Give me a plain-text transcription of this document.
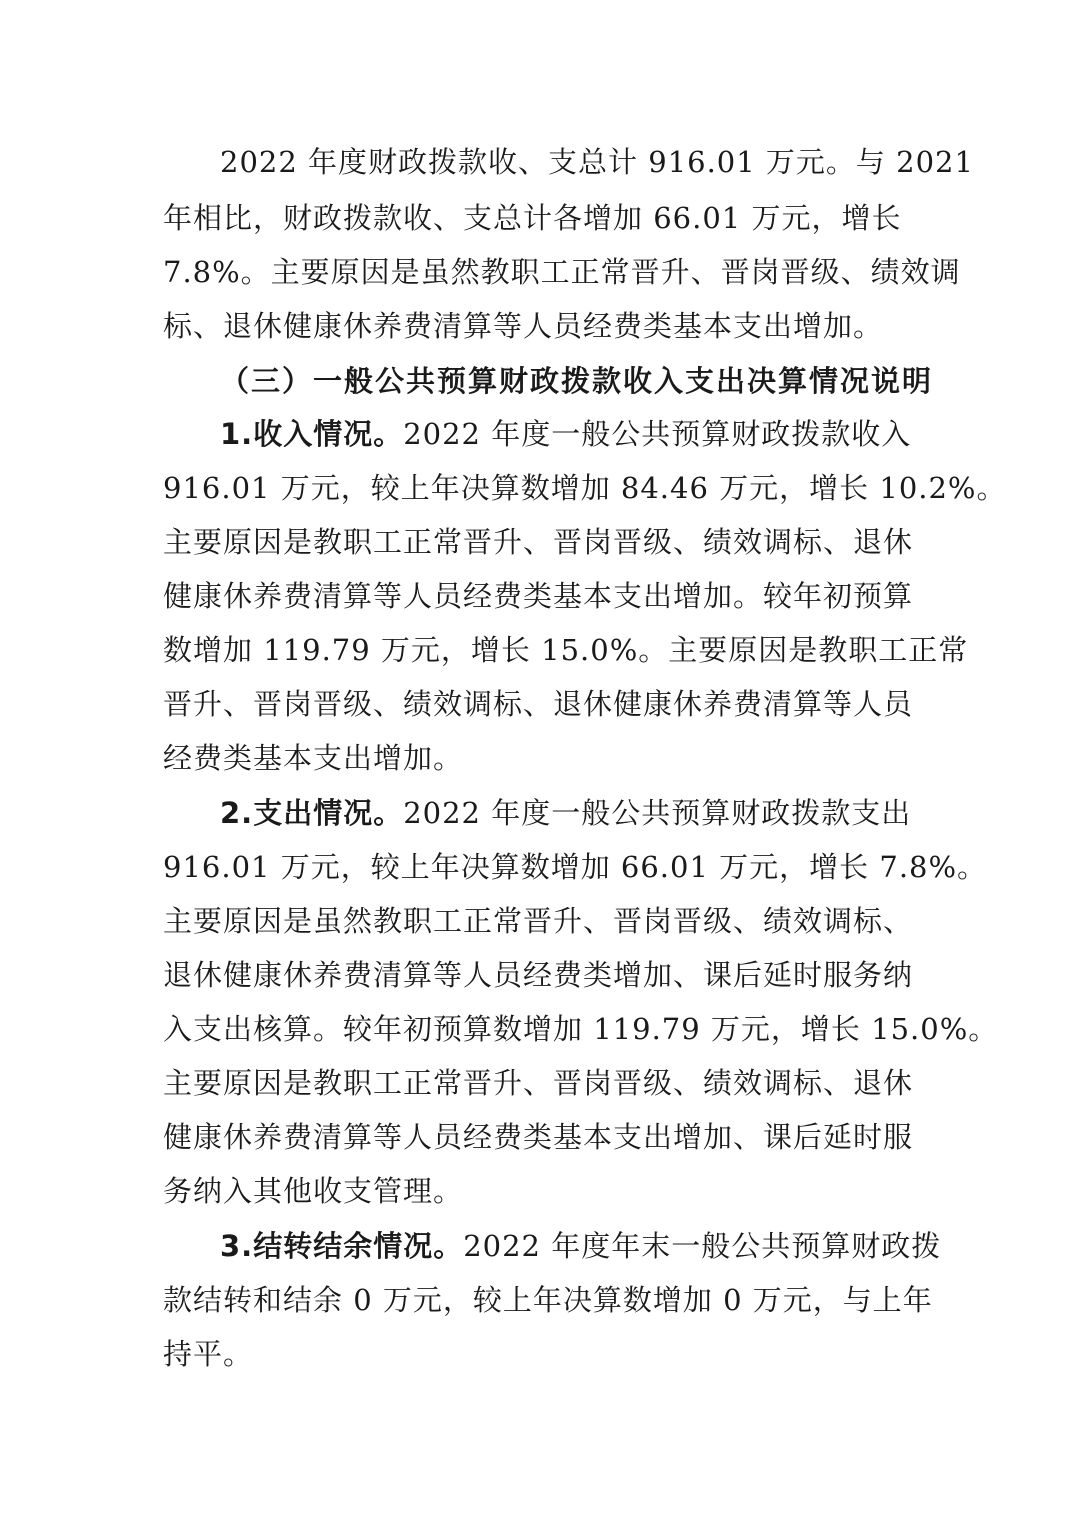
2022 年度财政拨款收、支总计 916.01 万元。与 2021

年相比，财政拨款收、支总计各增加 66.01 万元，增长

7.8%。主要原因是虽然教职工正常晋升、晋岗晋级、绩效调

标、退休健康休养费清算等人员经费类基本支出增加。

（三）一般公共预算财政拨款收入支出决算情况说明

1.收入情况。2022 年度一般公共预算财政拨款收入

916.01 万元，较上年决算数增加 84.46 万元，增长 10.2%。

主要原因是教职工正常晋升、晋岗晋级、绩效调标、退休

健康休养费清算等人员经费类基本支出增加。较年初预算

数增加 119.79 万元，增长 15.0%。主要原因是教职工正常

晋升、晋岗晋级、绩效调标、退休健康休养费清算等人员

经费类基本支出增加。

2.支出情况。2022 年度一般公共预算财政拨款支出

916.01 万元，较上年决算数增加 66.01 万元，增长 7.8%。

主要原因是虽然教职工正常晋升、晋岗晋级、绩效调标、

退休健康休养费清算等人员经费类增加、课后延时服务纳

入支出核算。较年初预算数增加 119.79 万元，增长 15.0%。

主要原因是教职工正常晋升、晋岗晋级、绩效调标、退休

健康休养费清算等人员经费类基本支出增加、课后延时服

务纳入其他收支管理。

3.结转结余情况。2022 年度年末一般公共预算财政拨

款结转和结余 0 万元，较上年决算数增加 0 万元，与上年

持平。
